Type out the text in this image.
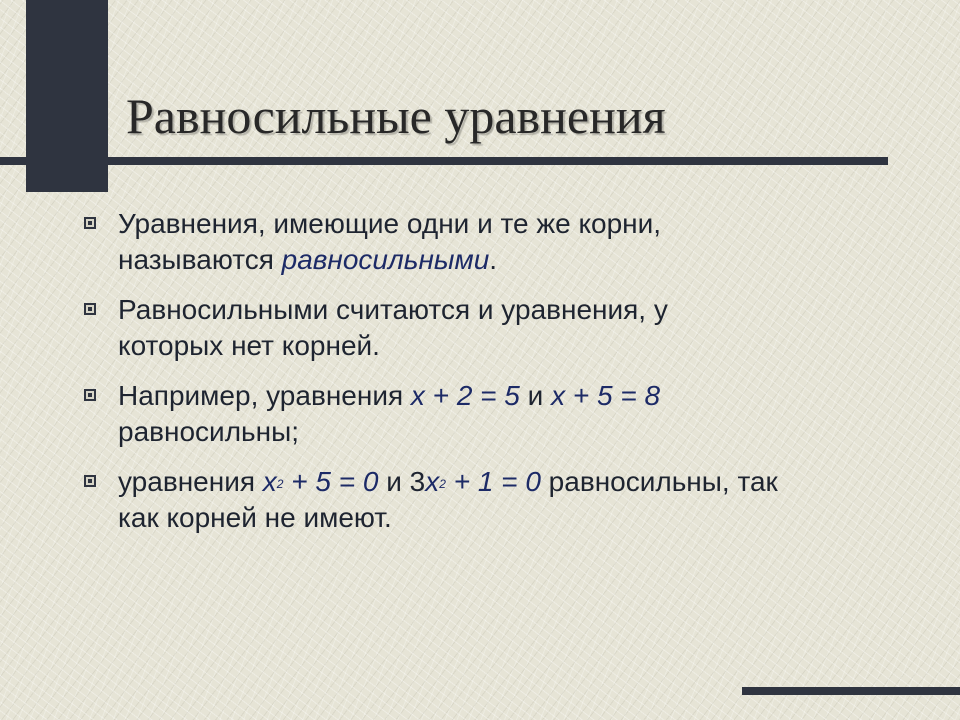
Равносильные уравнения
Уравнения, имеющие одни и те же корни,
называются равносильными.
Равносильными считаются и уравнения, у
которых нет корней.
Например, уравнения x + 2 = 5 и x + 5 = 8
равносильны;
уравнения $x^2 + 5 = 0$ и $3x^2 + 1 = 0$ равносильны, так
как корней не имеют.
